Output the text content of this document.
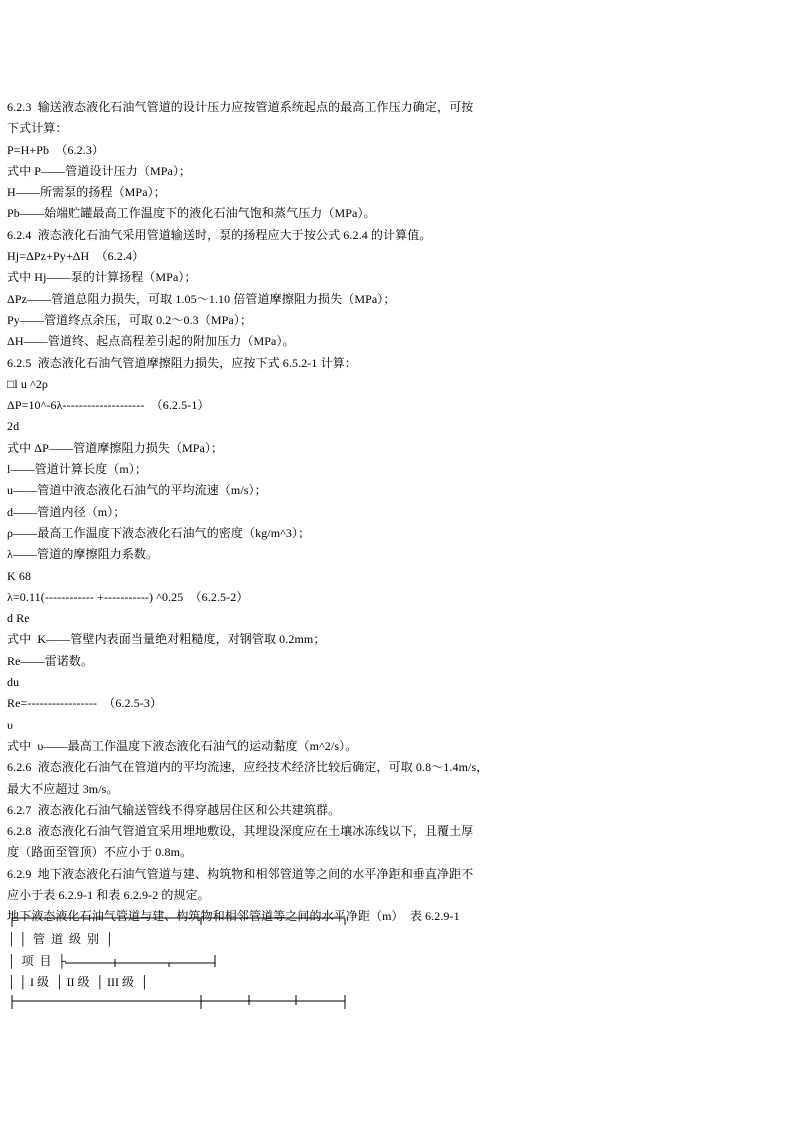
6.2.3  输送液态液化石油气管道的设计压力应按管道系统起点的最高工作压力确定，可按
下式计算：
P=H+Pb  （6.2.3）
式中 P——管道设计压力（MPa）；
H——所需泵的扬程（MPa）；
Pb——始端贮罐最高工作温度下的液化石油气饱和蒸气压力（MPa）。
6.2.4  液态液化石油气采用管道输送时，泵的扬程应大于按公式 6.2.4 的计算值。
Hj=ΔPz+Py+ΔH  （6.2.4）
式中 Hj——泵的计算扬程（MPa）；
ΔPz——管道总阻力损失，可取 1.05～1.10 倍管道摩擦阻力损失（MPa）；
Py——管道终点余压，可取 0.2～0.3（MPa）；
ΔH——管道终、起点高程差引起的附加压力（MPa）。
6.2.5  液态液化石油气管道摩擦阻力损失，应按下式 6.5.2-1 计算：
□l u ^2ρ
ΔP=10^-6λ--------------------  （6.2.5-1）
2d
式中 ΔP——管道摩擦阻力损失（MPa）；
l——管道计算长度（m）；
u——管道中液态液化石油气的平均流速（m/s）；
d——管道内径（m）；
ρ——最高工作温度下液态液化石油气的密度（kg/m^3）；
λ——管道的摩擦阻力系数。
K 68
λ=0.11(------------ +-----------) ^0.25  （6.2.5-2）
d Re
式中  K——管壁内表面当量绝对粗糙度，对钢管取 0.2mm；
Re——雷诺数。
du
Re=-----------------  （6.2.5-3）
υ
式中  υ——最高工作温度下液态液化石油气的运动黏度（m^2/s）。
6.2.6  液态液化石油气在管道内的平均流速，应经技术经济比较后确定，可取 0.8～1.4m/s，
最大不应超过 3m/s。
6.2.7  液态液化石油气输送管线不得穿越居住区和公共建筑群。
6.2.8  液态液化石油气管道宜采用埋地敷设，其埋设深度应在土壤冰冻线以下，且覆土厚
度（路面至管顶）不应小于 0.8m。
6.2.9  地下液态液化石油气管道与建、构筑物和相邻管道等之间的水平净距和垂直净距不
应小于表 6.2.9-1 和表 6.2.9-2 的规定。
地下液态液化石油气管道与建、构筑物和相邻管道等之间的水平净距（m）  表 6.2.9-1
│ │  管  道  级  别  │
│  项  目  ├
│ │ I 级  │ II 级  │ III 级  │
